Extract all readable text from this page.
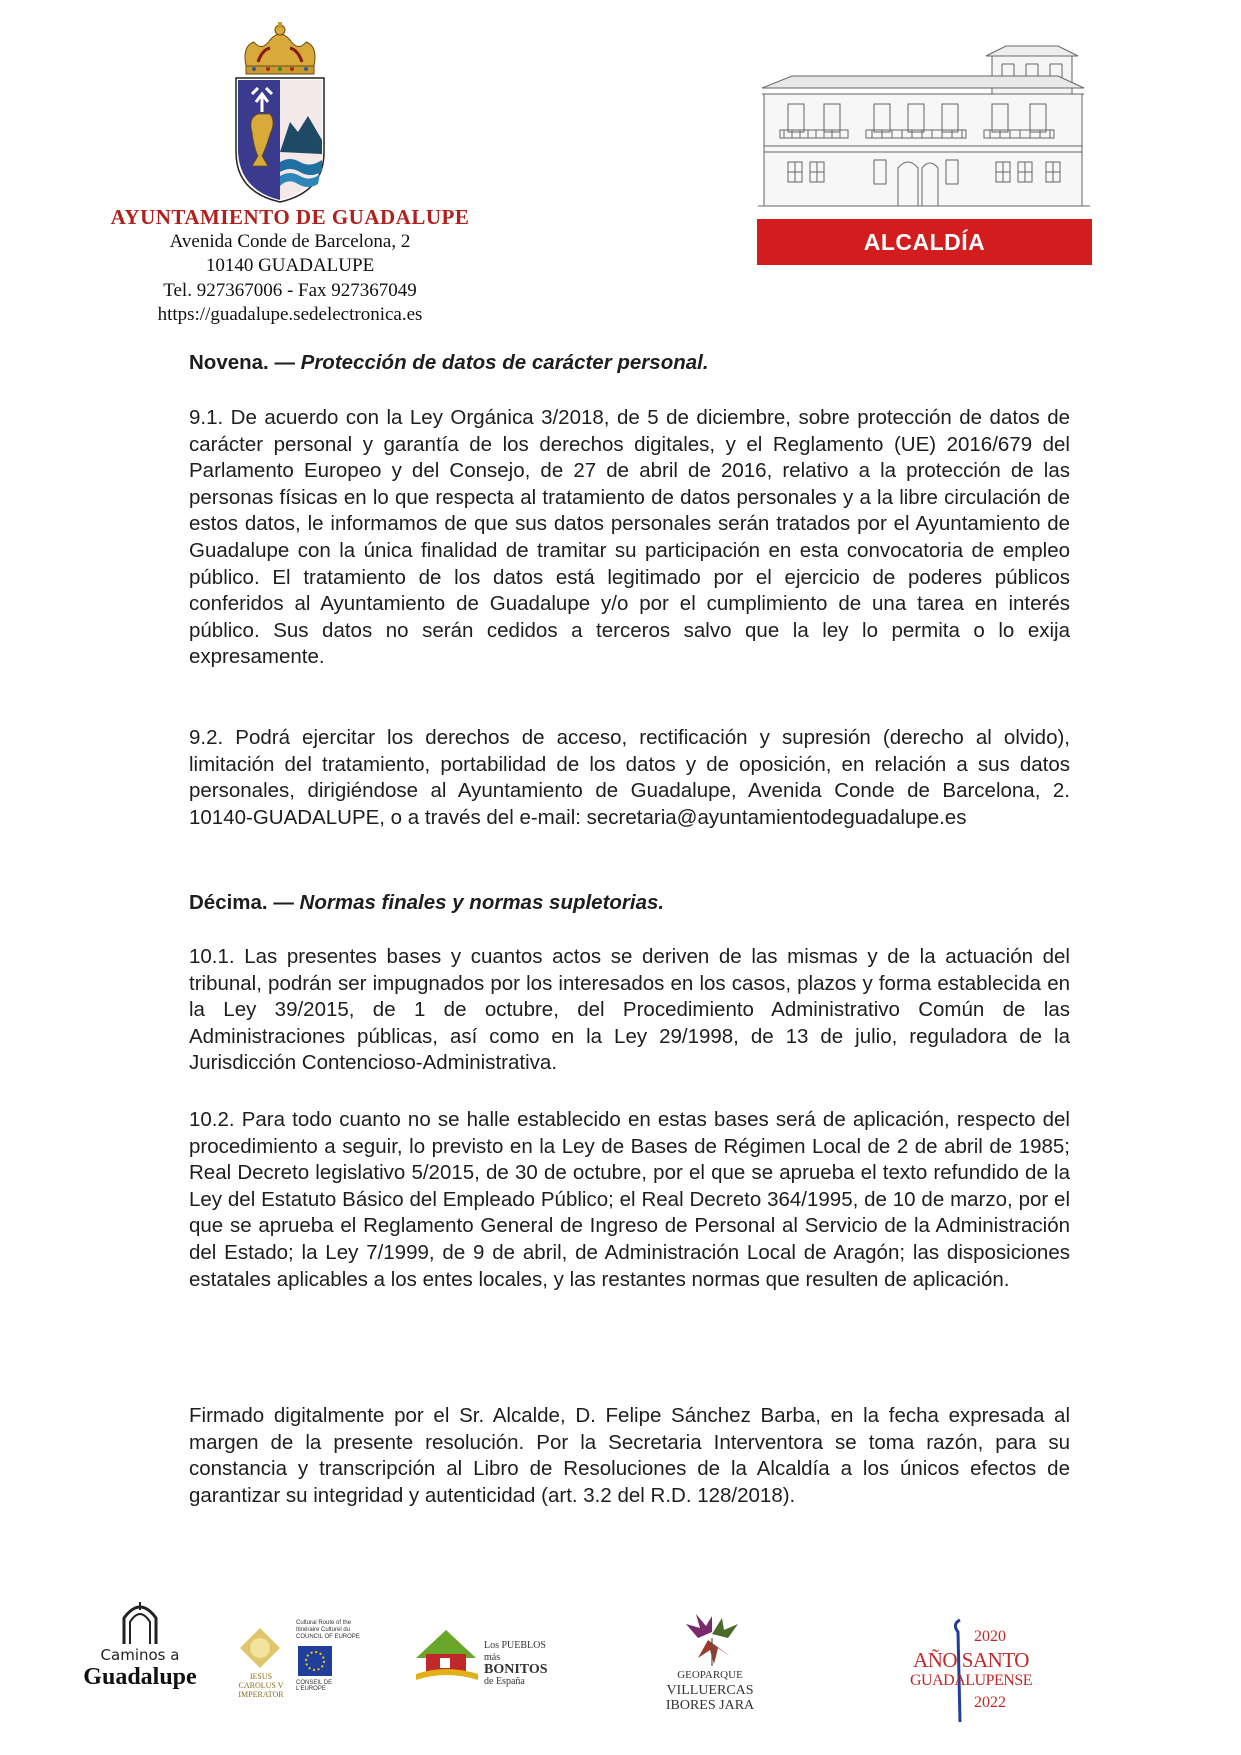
AYUNTAMIENTO DE GUADALUPE
Avenida Conde de Barcelona, 2
10140 GUADALUPE
Tel. 927367006 - Fax 927367049
https://guadalupe.sedelectronica.es
ALCALDÍA
Novena. — Protección de datos de carácter personal.
9.1. De acuerdo con la Ley Orgánica 3/2018, de 5 de diciembre, sobre protección de datos de carácter personal y garantía de los derechos digitales, y el Reglamento (UE) 2016/679 del Parlamento Europeo y del Consejo, de 27 de abril de 2016, relativo a la protección de las personas físicas en lo que respecta al tratamiento de datos personales y a la libre circulación de estos datos, le informamos de que sus datos personales serán tratados por el Ayuntamiento de Guadalupe con la única finalidad de tramitar su participación en esta convocatoria de empleo público. El tratamiento de los datos está legitimado por el ejercicio de poderes públicos conferidos al Ayuntamiento de Guadalupe y/o por el cumplimiento de una tarea en interés público. Sus datos no serán cedidos a terceros salvo que la ley lo permita o lo exija expresamente.
9.2. Podrá ejercitar los derechos de acceso, rectificación y supresión (derecho al olvido), limitación del tratamiento, portabilidad de los datos y de oposición, en relación a sus datos personales, dirigiéndose al Ayuntamiento de Guadalupe, Avenida Conde de Barcelona, 2. 10140-GUADALUPE, o a través del e-mail: secretaria@ayuntamientodeguadalupe.es
Décima. — Normas finales y normas supletorias.
10.1. Las presentes bases y cuantos actos se deriven de las mismas y de la actuación del tribunal, podrán ser impugnados por los interesados en los casos, plazos y forma establecida en la Ley 39/2015, de 1 de octubre, del Procedimiento Administrativo Común de las Administraciones públicas, así como en la Ley 29/1998, de 13 de julio, reguladora de la Jurisdicción Contencioso-Administrativa.
10.2. Para todo cuanto no se halle establecido en estas bases será de aplicación, respecto del procedimiento a seguir, lo previsto en la Ley de Bases de Régimen Local de 2 de abril de 1985; Real Decreto legislativo 5/2015, de 30 de octubre, por el que se aprueba el texto refundido de la Ley del Estatuto Básico del Empleado Público; el Real Decreto 364/1995, de 10 de marzo, por el que se aprueba el Reglamento General de Ingreso de Personal al Servicio de la Administración del Estado; la Ley 7/1999, de 9 de abril, de Administración Local de Aragón; las disposiciones estatales aplicables a los entes locales, y las restantes normas que resulten de aplicación.
Firmado digitalmente por el Sr. Alcalde, D. Felipe Sánchez Barba, en la fecha expresada al margen de la presente resolución. Por la Secretaria Interventora se toma razón, para su constancia y transcripción al Libro de Resoluciones de la Alcaldía a los únicos efectos de garantizar su integridad y autenticidad (art. 3.2 del R.D. 128/2018).
Caminos a
Guadalupe	IESUS
CAROLUS V
IMPERATOR
Cultural Route of the
Itinéraire Culturel du
COUNCIL OF EUROPE
CONSEIL DE L'EUROPE
Los PUEBLOS más
BONITOS
de España
GEOPARQUE
VILLUERCAS
IBORES JARA
2020
AÑO SANTO
GUADALUPENSE
2022
